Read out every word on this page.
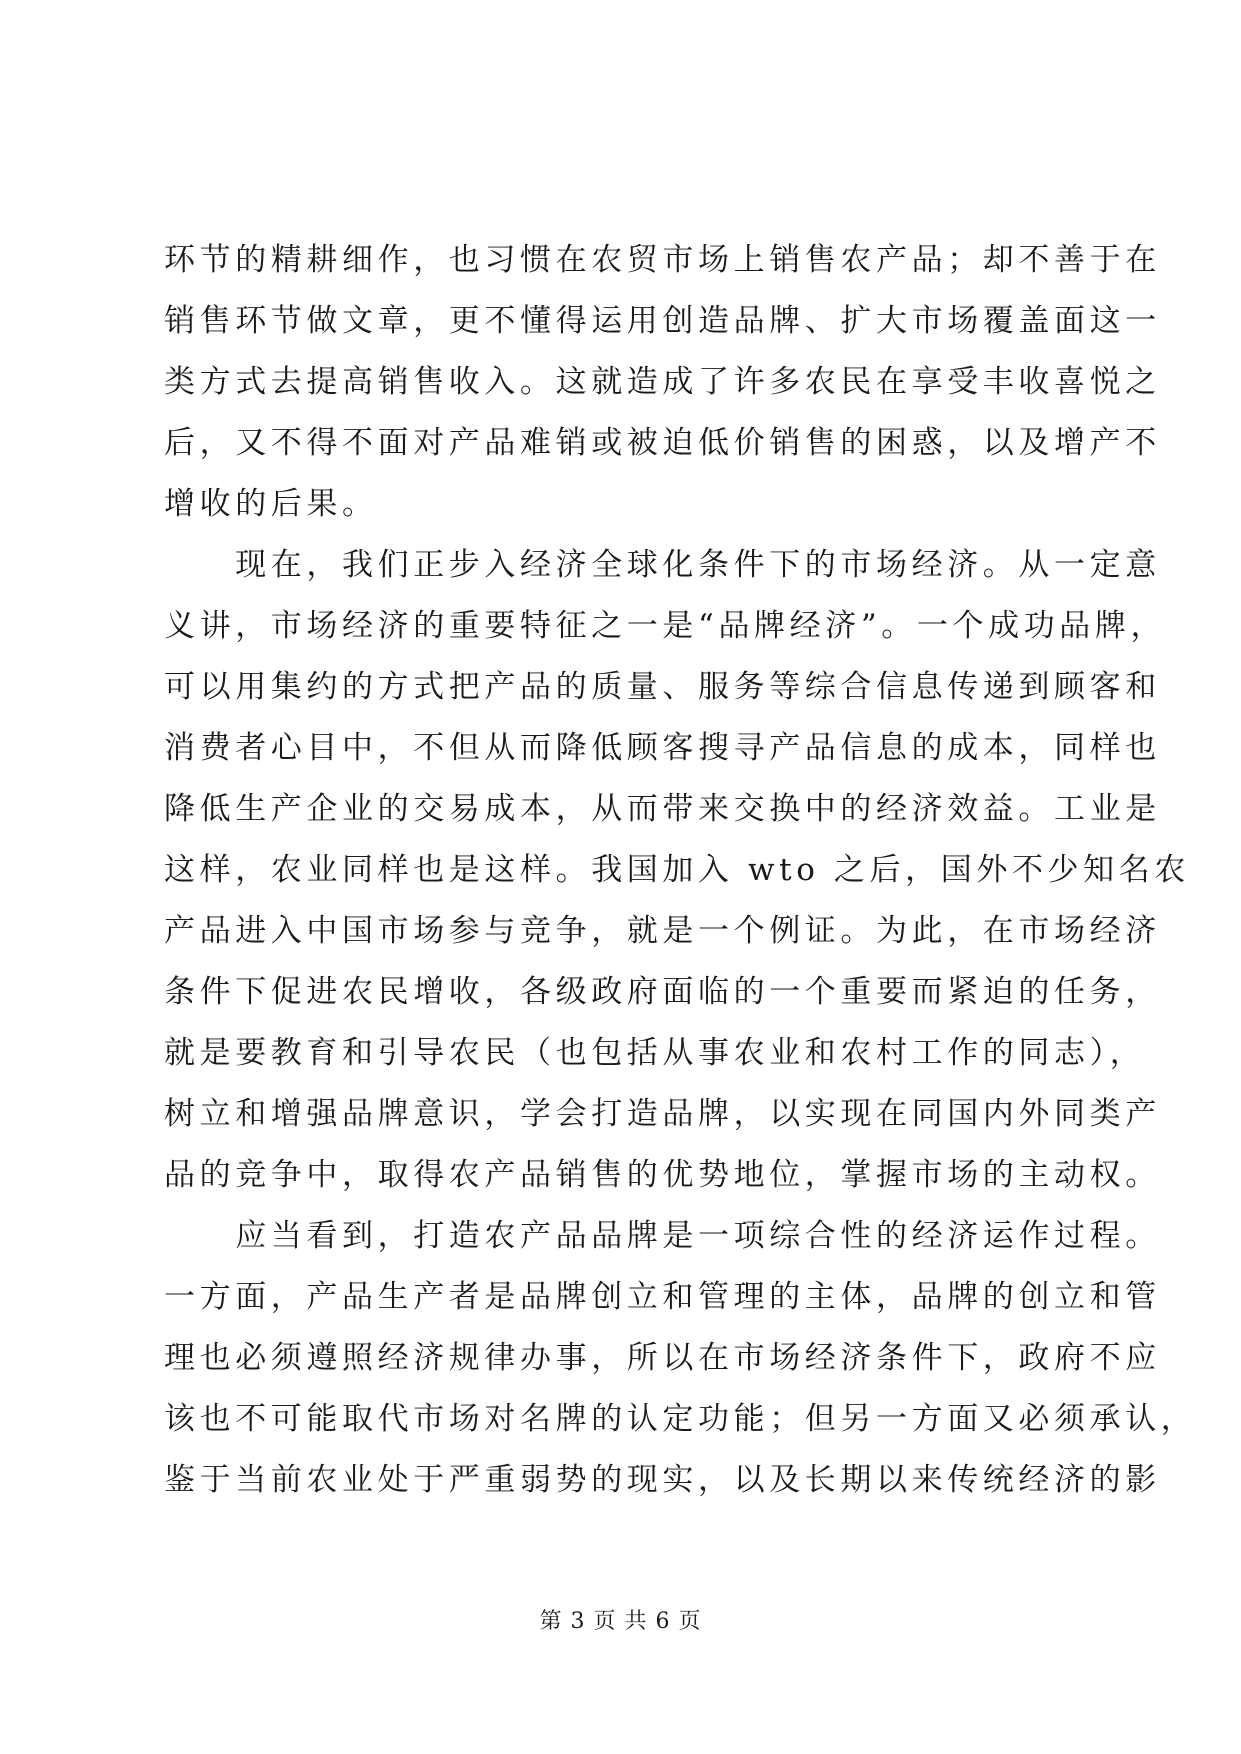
环节的精耕细作，也习惯在农贸市场上销售农产品；却不善于在
销售环节做文章，更不懂得运用创造品牌、扩大市场覆盖面这一
类方式去提高销售收入。这就造成了许多农民在享受丰收喜悦之
后，又不得不面对产品难销或被迫低价销售的困惑，以及增产不
增收的后果。
　　现在，我们正步入经济全球化条件下的市场经济。从一定意
义讲，市场经济的重要特征之一是“品牌经济”。一个成功品牌，
可以用集约的方式把产品的质量、服务等综合信息传递到顾客和
消费者心目中，不但从而降低顾客搜寻产品信息的成本，同样也
降低生产企业的交易成本，从而带来交换中的经济效益。工业是
这样，农业同样也是这样。我国加入 wto 之后，国外不少知名农
产品进入中国市场参与竞争，就是一个例证。为此，在市场经济
条件下促进农民增收，各级政府面临的一个重要而紧迫的任务，
就是要教育和引导农民（也包括从事农业和农村工作的同志），
树立和增强品牌意识，学会打造品牌，以实现在同国内外同类产
品的竞争中，取得农产品销售的优势地位，掌握市场的主动权。
　　应当看到，打造农产品品牌是一项综合性的经济运作过程。
一方面，产品生产者是品牌创立和管理的主体，品牌的创立和管
理也必须遵照经济规律办事，所以在市场经济条件下，政府不应
该也不可能取代市场对名牌的认定功能；但另一方面又必须承认，
鉴于当前农业处于严重弱势的现实，以及长期以来传统经济的影
第 3 页 共 6 页
